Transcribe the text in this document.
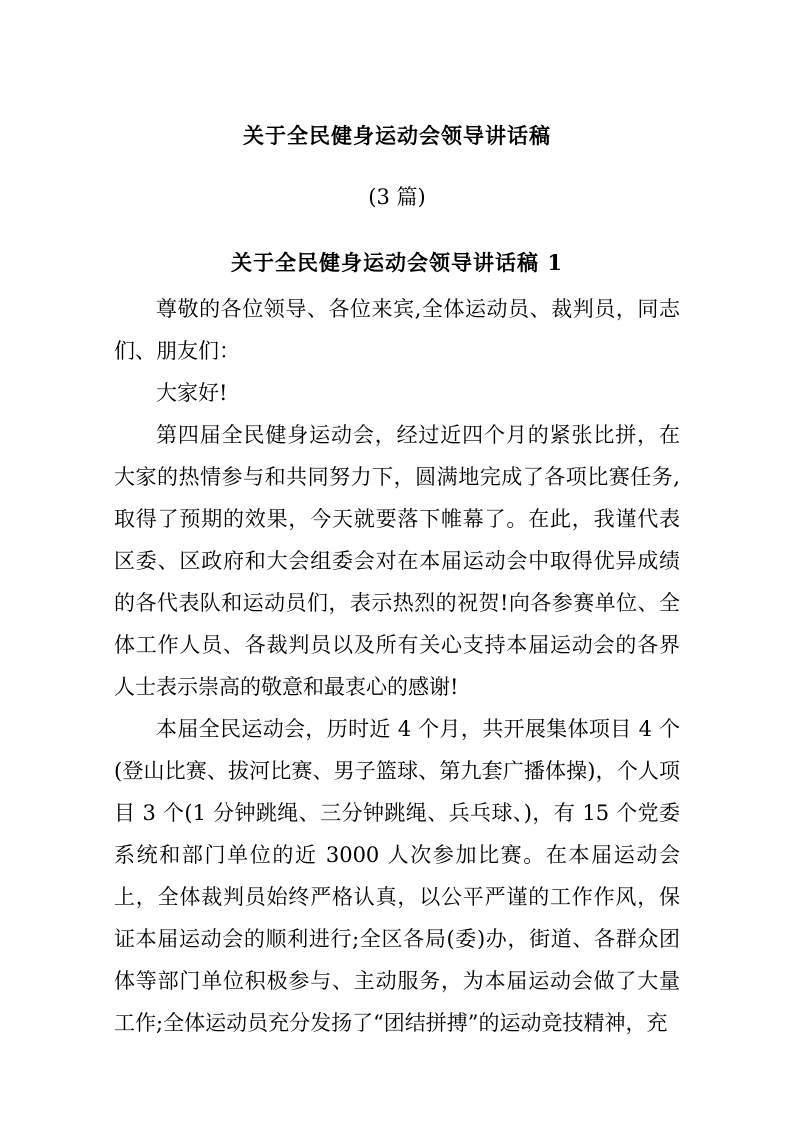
关于全民健身运动会领导讲话稿
(3 篇)
关于全民健身运动会领导讲话稿 1

尊敬的各位领导、各位来宾,全体运动员、裁判员，同志们、朋友们：

大家好!

第四届全民健身运动会，经过近四个月的紧张比拼，在大家的热情参与和共同努力下，圆满地完成了各项比赛任务,取得了预期的效果，今天就要落下帷幕了。在此，我谨代表区委、区政府和大会组委会对在本届运动会中取得优异成绩的各代表队和运动员们，表示热烈的祝贺!向各参赛单位、全体工作人员、各裁判员以及所有关心支持本届运动会的各界人士表示崇高的敬意和最衷心的感谢!

本届全民运动会，历时近 4 个月，共开展集体项目 4 个(登山比赛、拔河比赛、男子篮球、第九套广播体操)，个人项目 3 个(1 分钟跳绳、三分钟跳绳、兵乓球、)，有 15 个党委系统和部门单位的近 3000 人次参加比赛。在本届运动会上，全体裁判员始终严格认真，以公平严谨的工作作风，保证本届运动会的顺利进行;全区各局(委)办，街道、各群众团体等部门单位积极参与、主动服务，为本届运动会做了大量工作;全体运动员充分发扬了“团结拼搏”的运动竞技精神，充
